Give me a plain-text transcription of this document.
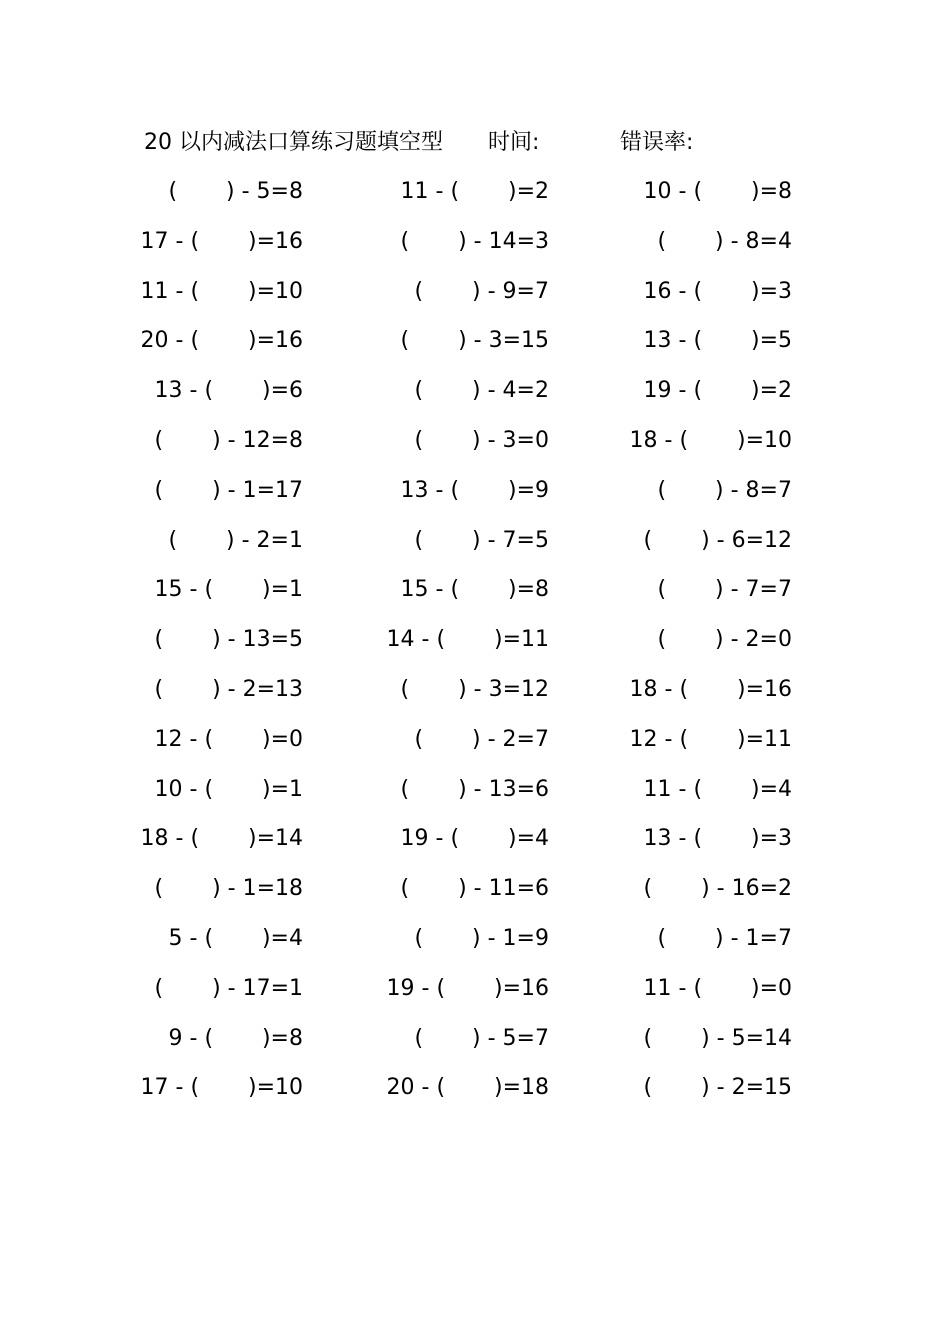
20 以内减法口算练习题填空型 时间:	错误率:
(       ) - 5=8	11 - (       )=2	10 - (       )=8
17 - (       )=16	(       ) - 14=3	(       ) - 8=4
11 - (       )=10	(       ) - 9=7	16 - (       )=3
20 - (       )=16	(       ) - 3=15	13 - (       )=5
13 - (       )=6	(       ) - 4=2	19 - (       )=2
(       ) - 12=8	(       ) - 3=0	18 - (       )=10
(       ) - 1=17	13 - (       )=9	(       ) - 8=7
(       ) - 2=1	(       ) - 7=5	(       ) - 6=12
15 - (       )=1	15 - (       )=8	(       ) - 7=7
(       ) - 13=5	14 - (       )=11	(       ) - 2=0
(       ) - 2=13	(       ) - 3=12	18 - (       )=16
12 - (       )=0	(       ) - 2=7	12 - (       )=11
10 - (       )=1	(       ) - 13=6	11 - (       )=4
18 - (       )=14	19 - (       )=4	13 - (       )=3
(       ) - 1=18	(       ) - 11=6	(       ) - 16=2
5 - (       )=4	(       ) - 1=9	(       ) - 1=7
(       ) - 17=1	19 - (       )=16	11 - (       )=0
9 - (       )=8	(       ) - 5=7	(       ) - 5=14
17 - (       )=10	20 - (       )=18	(       ) - 2=15
